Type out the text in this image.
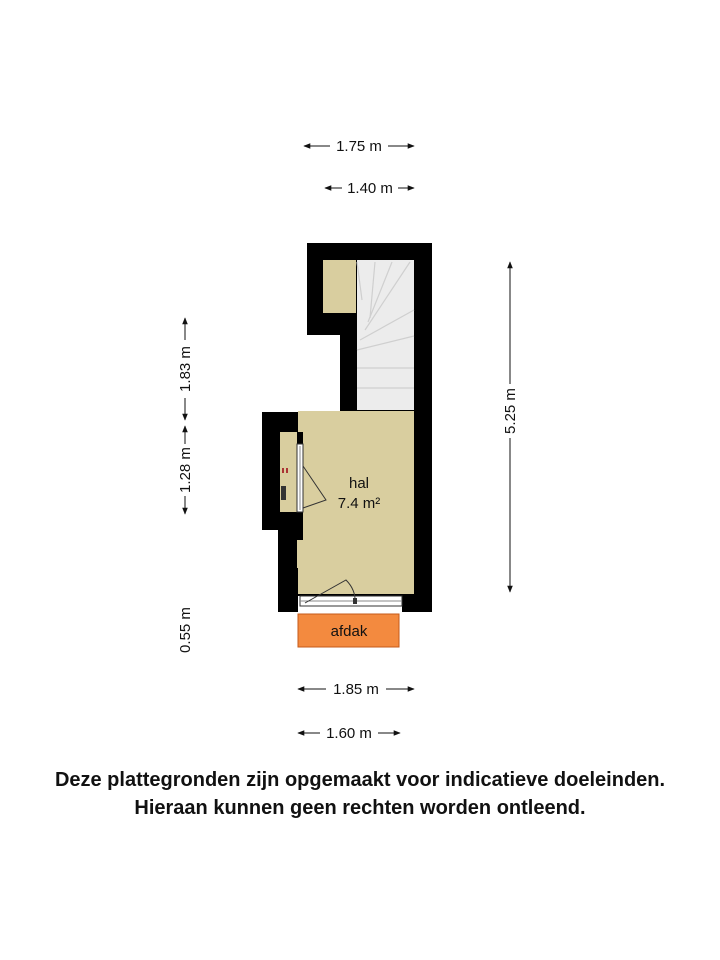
afdak
hal
7.4 m²
1.75 m
1.40 m
5.25 m
1.83 m
1.28 m
0.55 m
1.85 m
1.60 m
Deze plattegronden zijn opgemaakt voor indicatieve doeleinden.
Hieraan kunnen geen rechten worden ontleend.
